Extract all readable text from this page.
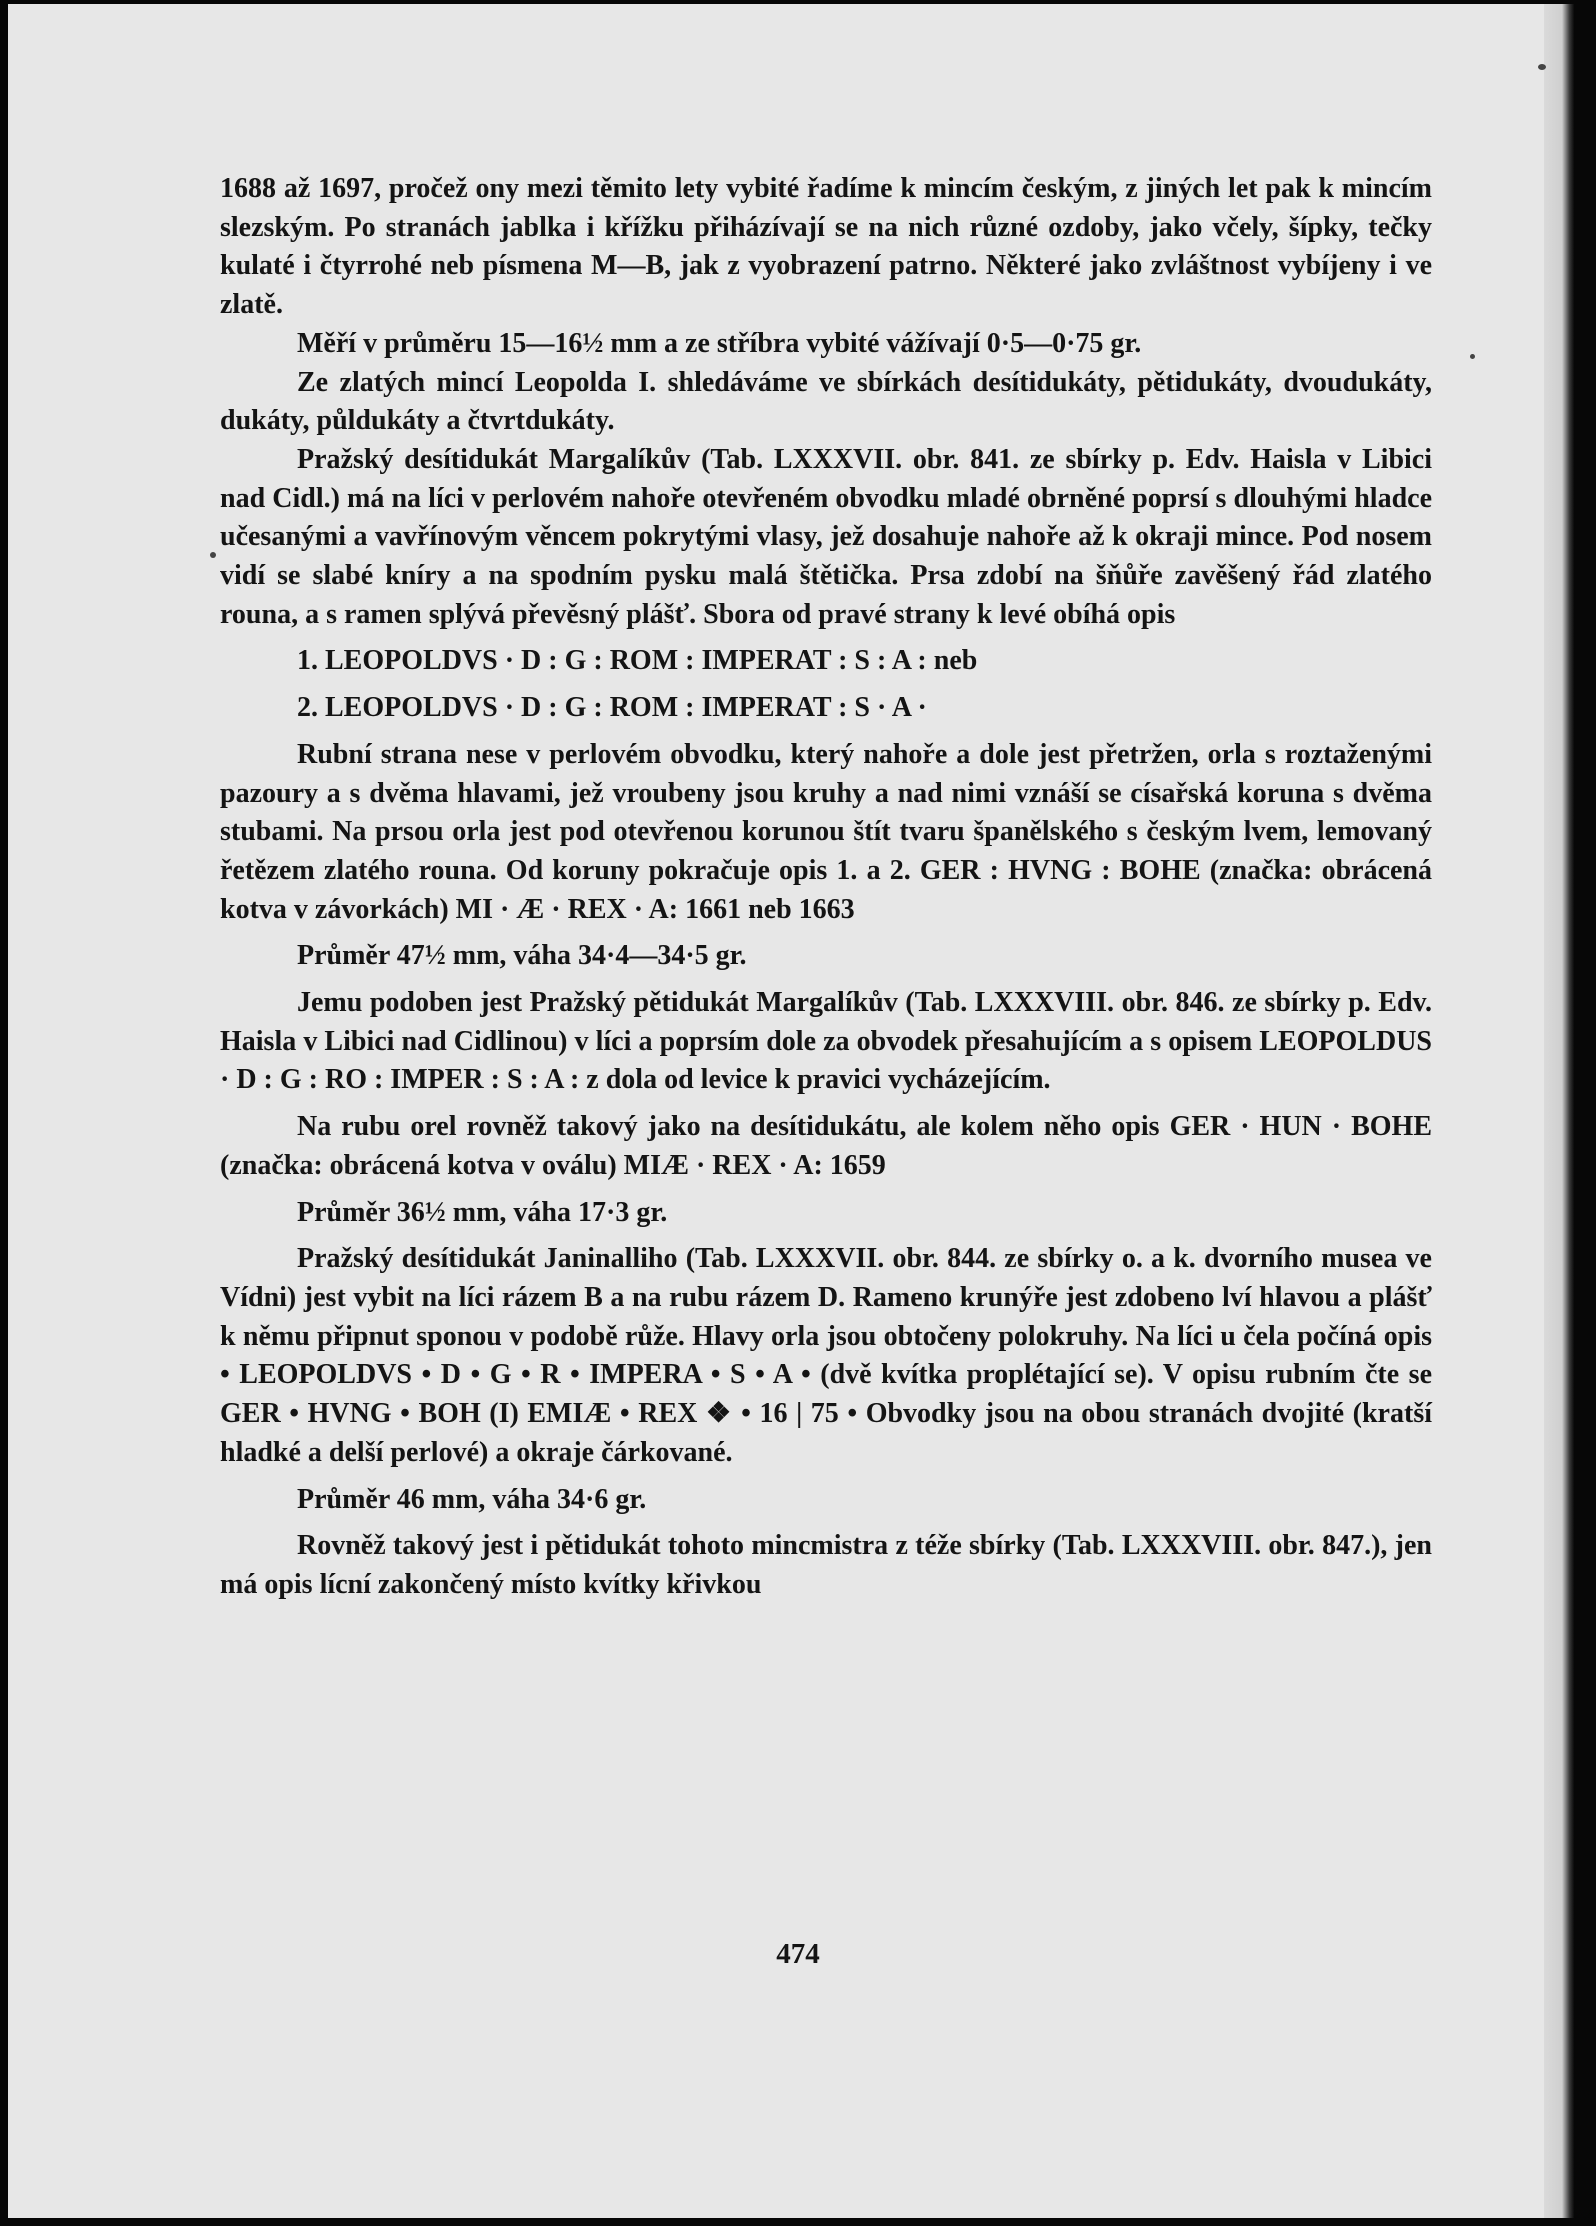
1688 až 1697, pročež ony mezi těmito lety vybité řadíme k mincím českým, z jiných let pak k mincím slezským. Po stranách jablka i křížku přiházívají se na nich různé ozdoby, jako včely, šípky, tečky kulaté i čtyrrohé neb písmena M—B, jak z vyobrazení patrno. Některé jako zvláštnost vybíjeny i ve zlatě.

Měří v průměru 15—16½ mm a ze stříbra vybité vážívají 0·5—0·75 gr.

Ze zlatých mincí Leopolda I. shledáváme ve sbírkách desítidukáty, pětidukáty, dvoudukáty, dukáty, půldukáty a čtvrtdukáty.

Pražský desítidukát Margalíkův (Tab. LXXXVII. obr. 841. ze sbírky p. Edv. Haisla v Libici nad Cidl.) má na líci v perlovém nahoře otevřeném obvodku mladé obrněné poprsí s dlouhými hladce učesanými a vavřínovým věncem pokrytými vlasy, jež dosahuje nahoře až k okraji mince. Pod nosem vidí se slabé kníry a na spodním pysku malá štětička. Prsa zdobí na šňůře zavěšený řád zlatého rouna, a s ramen splývá převěsný plášť. Sbora od pravé strany k levé obíhá opis

1. LEOPOLDVS · D : G : ROM : IMPERAT : S : A : neb

2. LEOPOLDVS · D : G : ROM : IMPERAT : S · A ·

Rubní strana nese v perlovém obvodku, který nahoře a dole jest přetržen, orla s roztaženými pazoury a s dvěma hlavami, jež vroubeny jsou kruhy a nad nimi vznáší se císařská koruna s dvěma stubami. Na prsou orla jest pod otevřenou korunou štít tvaru španělského s českým lvem, lemovaný řetězem zlatého rouna. Od koruny pokračuje opis 1. a 2. GER : HVNG : BOHE (značka: obrácená kotva v závorkách) MI · Æ · REX · A: 1661 neb 1663

Průměr 47½ mm, váha 34·4—34·5 gr.

Jemu podoben jest Pražský pětidukát Margalíkův (Tab. LXXXVIII. obr. 846. ze sbírky p. Edv. Haisla v Libici nad Cidlinou) v líci a poprsím dole za obvodek přesahujícím a s opisem LEOPOLDUS · D : G : RO : IMPER : S : A : z dola od levice k pravici vycházejícím.

Na rubu orel rovněž takový jako na desítidukátu, ale kolem něho opis GER · HUN · BOHE (značka: obrácená kotva v oválu) MIÆ · REX · A: 1659

Průměr 36½ mm, váha 17·3 gr.

Pražský desítidukát Janinalliho (Tab. LXXXVII. obr. 844. ze sbírky o. a k. dvorního musea ve Vídni) jest vybit na líci rázem B a na rubu rázem D. Rameno krunýře jest zdobeno lví hlavou a plášť k němu připnut sponou v podobě růže. Hlavy orla jsou obtočeny polokruhy. Na líci u čela počíná opis • LEOPOLDVS • D • G • R • IMPERA • S • A • (dvě kvítka proplétající se). V opisu rubním čte se GER • HVNG • BOH (I) EMIÆ • REX ❖ • 16 | 75 • Obvodky jsou na obou stranách dvojité (kratší hladké a delší perlové) a okraje čárkované.

Průměr 46 mm, váha 34·6 gr.

Rovněž takový jest i pětidukát tohoto mincmistra z téže sbírky (Tab. LXXXVIII. obr. 847.), jen má opis lícní zakončený místo kvítky křivkou

474
